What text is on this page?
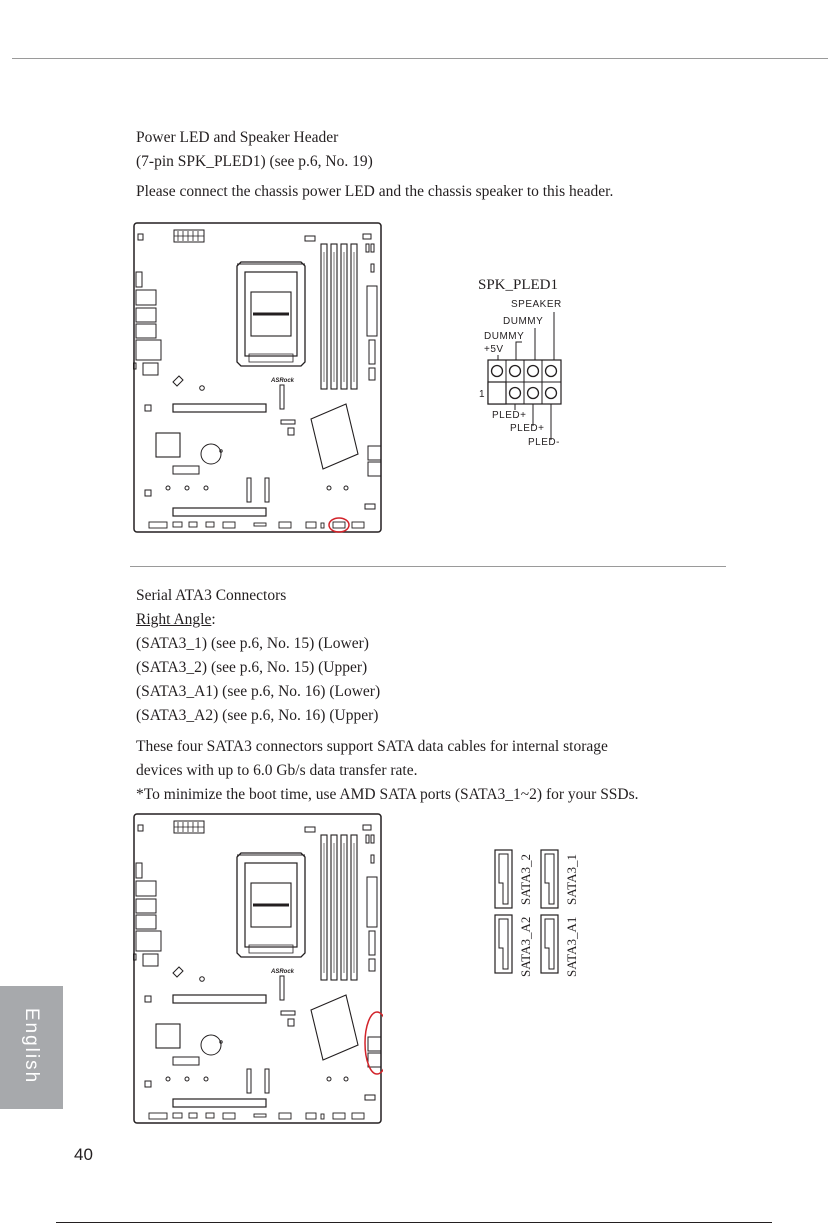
Power LED and Speaker Header
(7-pin SPK_PLED1) (see p.6, No. 19)
Please connect the chassis power LED and the chassis speaker to this header.
ASRock
SPK_PLED1
SPEAKER
DUMMY
DUMMY
+5V
1
PLED+
PLED+
PLED-
Serial ATA3 Connectors
Right Angle:
(SATA3_1) (see p.6, No. 15) (Lower)
(SATA3_2) (see p.6, No. 15) (Upper)
(SATA3_A1) (see p.6, No. 16) (Lower)
(SATA3_A2) (see p.6, No. 16) (Upper)
These four SATA3 connectors support SATA data cables for internal storage
devices with up to 6.0 Gb/s data transfer rate.
*To minimize the boot time, use AMD SATA ports (SATA3_1~2) for your SSDs.
ASRock
SATA3_2
SATA3_A2
SATA3_1
SATA3_A1
English
40
